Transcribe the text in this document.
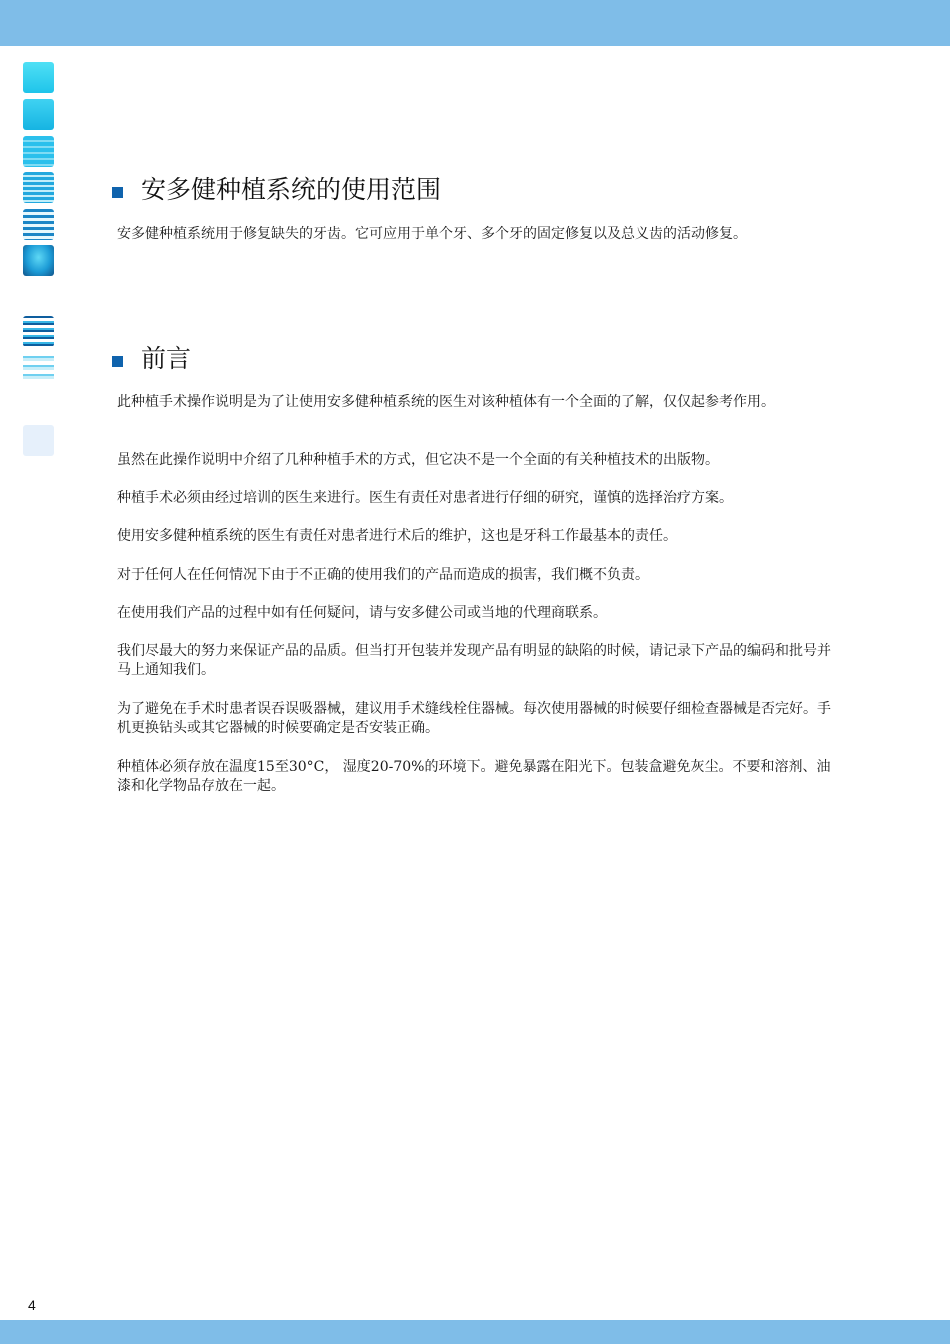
安多健种植系统的使用范围

安多健种植系统用于修复缺失的牙齿。它可应用于单个牙、多个牙的固定修复以及总义齿的活动修复。

前言

此种植手术操作说明是为了让使用安多健种植系统的医生对该种植体有一个全面的了解，仅仅起参考作用。

虽然在此操作说明中介绍了几种种植手术的方式，但它决不是一个全面的有关种植技术的出版物。

种植手术必须由经过培训的医生来进行。医生有责任对患者进行仔细的研究，谨慎的选择治疗方案。

使用安多健种植系统的医生有责任对患者进行术后的维护，这也是牙科工作最基本的责任。

对于任何人在任何情况下由于不正确的使用我们的产品而造成的损害，我们概不负责。

在使用我们产品的过程中如有任何疑问，请与安多健公司或当地的代理商联系。

我们尽最大的努力来保证产品的品质。但当打开包装并发现产品有明显的缺陷的时候，请记录下产品的编码和批号并马上通知我们。

为了避免在手术时患者误吞误吸器械，建议用手术缝线栓住器械。每次使用器械的时候要仔细检查器械是否完好。手机更换钻头或其它器械的时候要确定是否安装正确。

种植体必须存放在温度15至30°C， 湿度20-70%的环境下。避免暴露在阳光下。包装盒避免灰尘。不要和溶剂、油漆和化学物品存放在一起。

4
